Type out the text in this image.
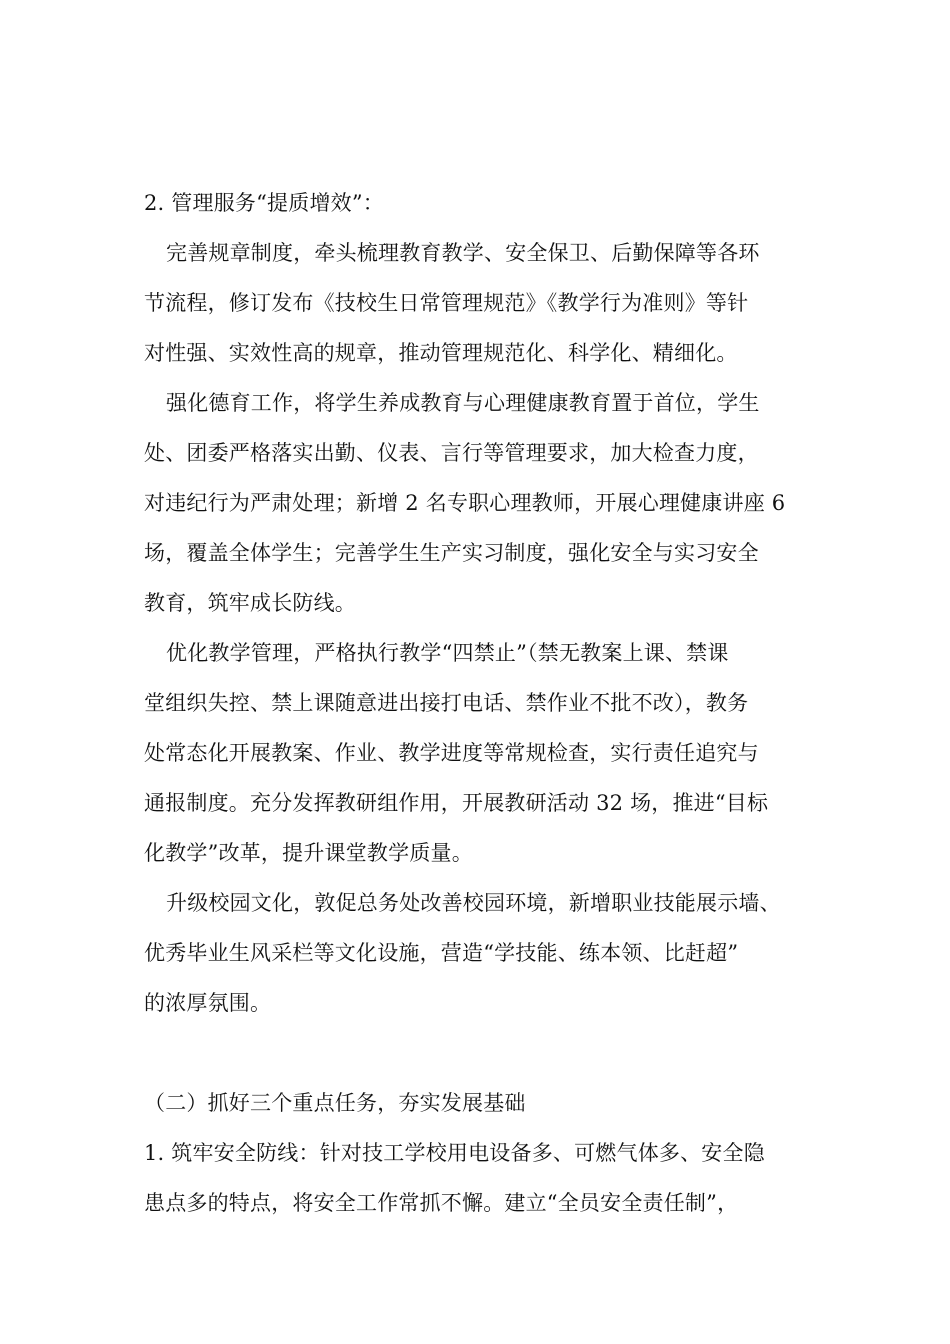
2. 管理服务“提质增效”：
完善规章制度，牵头梳理教育教学、安全保卫、后勤保障等各环
节流程，修订发布《技校生日常管理规范》《教学行为准则》等针
对性强、实效性高的规章，推动管理规范化、科学化、精细化。
强化德育工作，将学生养成教育与心理健康教育置于首位，学生
处、团委严格落实出勤、仪表、言行等管理要求，加大检查力度，
对违纪行为严肃处理；新增 2 名专职心理教师，开展心理健康讲座 6
场，覆盖全体学生；完善学生生产实习制度，强化安全与实习安全
教育，筑牢成长防线。
优化教学管理，严格执行教学“四禁止”（禁无教案上课、禁课
堂组织失控、禁上课随意进出接打电话、禁作业不批不改），教务
处常态化开展教案、作业、教学进度等常规检查，实行责任追究与
通报制度。充分发挥教研组作用，开展教研活动 32 场，推进“目标
化教学”改革，提升课堂教学质量。
升级校园文化，敦促总务处改善校园环境，新增职业技能展示墙、
优秀毕业生风采栏等文化设施，营造“学技能、练本领、比赶超”
的浓厚氛围。
（二）抓好三个重点任务，夯实发展基础
1. 筑牢安全防线：针对技工学校用电设备多、可燃气体多、安全隐
患点多的特点，将安全工作常抓不懈。建立“全员安全责任制”，
